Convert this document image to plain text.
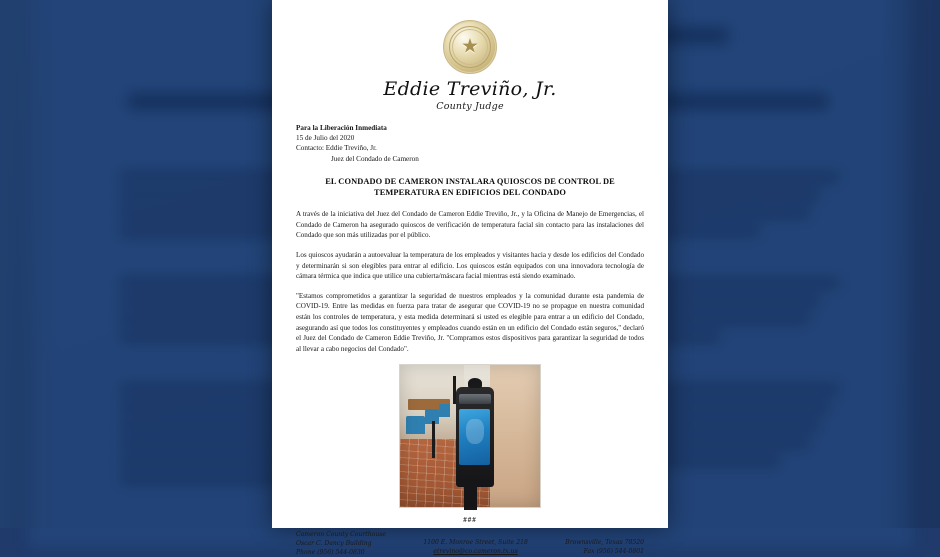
★
Eddie Treviño, Jr.
County Judge
Para la Liberación Inmediata
15 de Julio del 2020
Contacto: Eddie Treviño, Jr.
Juez del Condado de Cameron
EL CONDADO DE CAMERON INSTALARA QUIOSCOS DE CONTROL DE TEMPERATURA EN EDIFICIOS DEL CONDADO

A través de la iniciativa del Juez del Condado de Cameron Eddie Treviño, Jr., y la Oficina de Manejo de Emergencias, el Condado de Cameron ha asegurado quioscos de verificación de temperatura facial sin contacto para las instalaciones del Condado que son más utilizadas por el público.

Los quioscos ayudarán a autoevaluar la temperatura de los empleados y visitantes hacia y desde los edificios del Condado y determinarán si son elegibles para entrar al edificio. Los quioscos están equipados con una innovadora tecnología de cámara térmica que indica que utilice una cubierta/máscara facial mientras está siendo examinado.

"Estamos comprometidos a garantizar la seguridad de nuestros empleados y la comunidad durante esta pandemia de COVID-19. Entre las medidas en fuerza para tratar de asegurar que COVID-19 no se propague en nuestra comunidad están los controles de temperatura, y esta medida determinará si usted es elegible para entrar a un edificio del Condado, asegurando así que todos los constituyentes y empleados cuando están en un edificio del Condado están seguros," declaró el Juez del Condado de Cameron Eddie Treviño, Jr. "Compramos estos dispositivos para garantizar la seguridad de todos al llevar a cabo negocios del Condado".

###
Cameron County Courthouse
Oscar C. Dancy Building
Phone (956) 544-0830
1100 E. Monroe Street, Suite 218
etrevino@co.cameron.tx.us
Brownsville, Texas 78520
Fax (956) 544-0801
